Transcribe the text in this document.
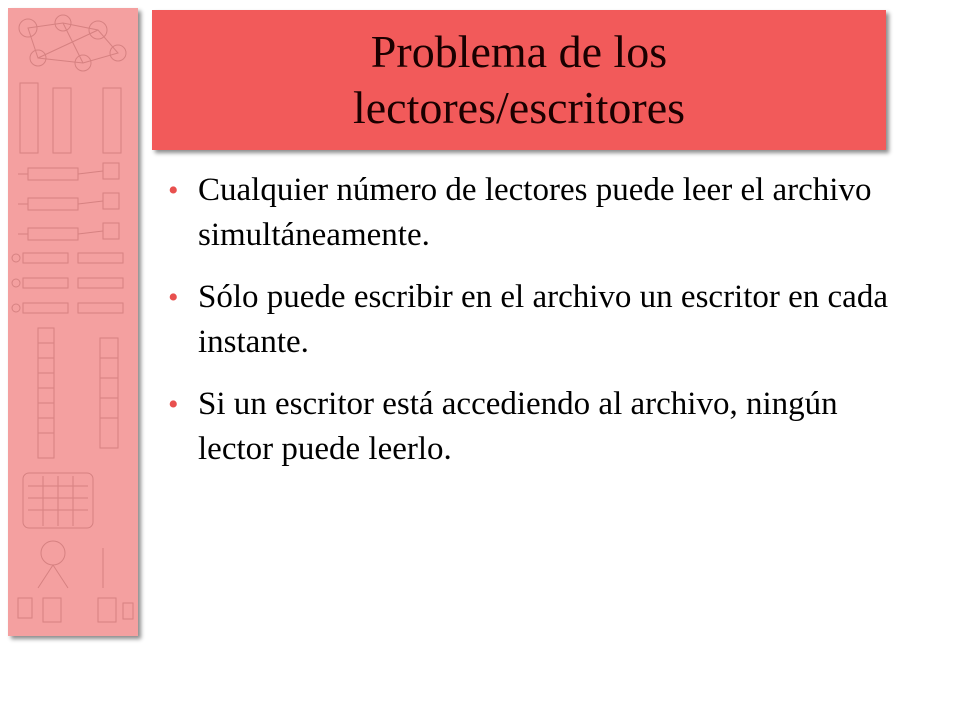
Problema de los lectores/escritores
• Cualquier número de lectores puede leer el archivo simultáneamente.
• Sólo puede escribir en el archivo un escritor en cada instante.
• Si un escritor está accediendo al archivo, ningún lector puede leerlo.
